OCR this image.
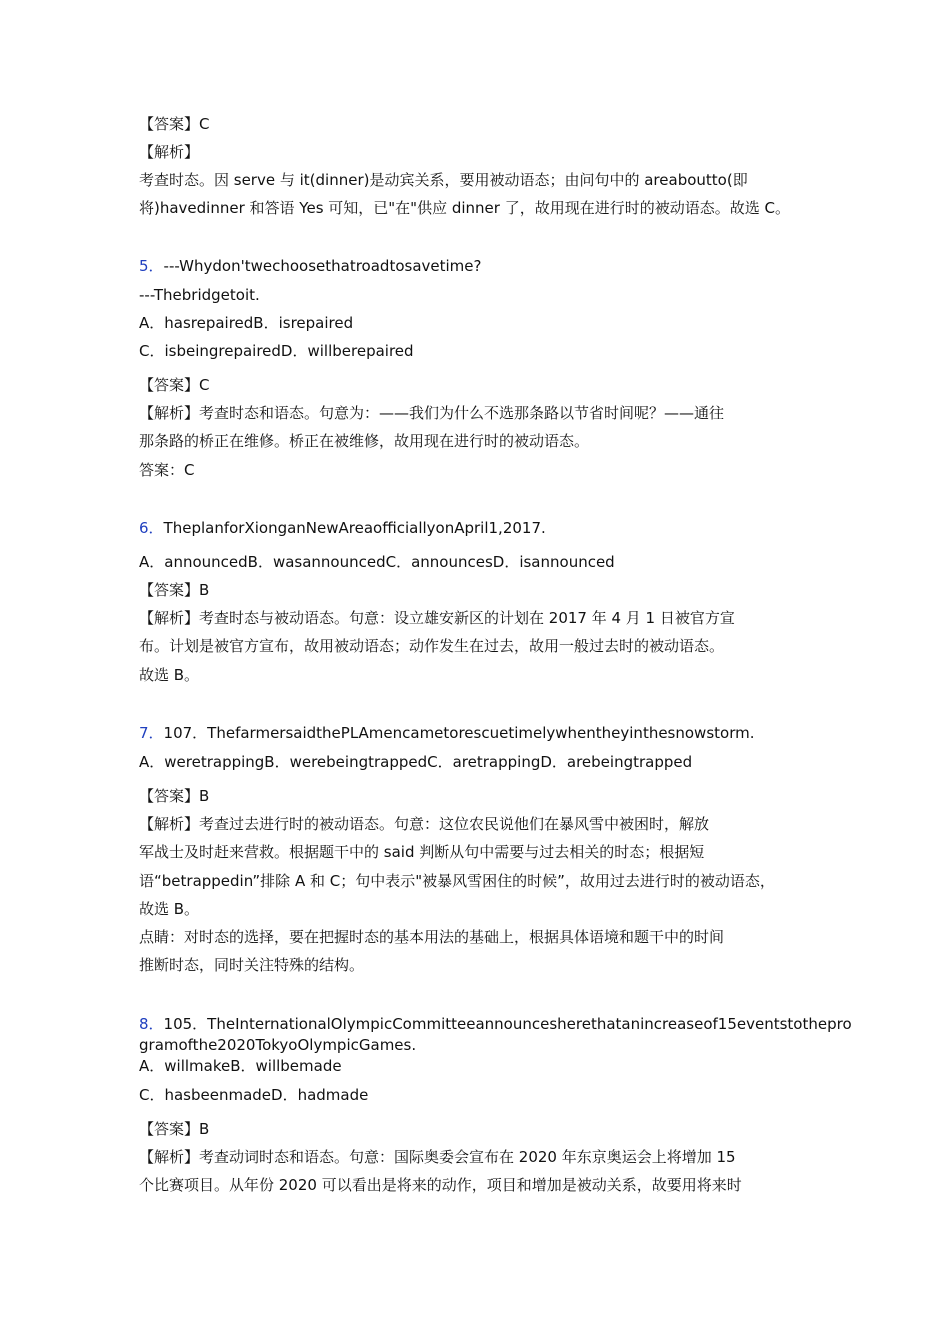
【答案】C
【解析】
考查时态。因 serve 与 it(dinner)是动宾关系，要用被动语态；由问句中的 areaboutto(即
将)havedinner 和答语 Yes 可知，已"在"供应 dinner 了，故用现在进行时的被动语态。故选 C。
5．---Whydon'twechoosethatroadtosavetime?
---Thebridgetoit.
A．hasrepairedB．isrepaired
C．isbeingrepairedD．willberepaired
【答案】C
【解析】考查时态和语态。句意为：——我们为什么不选那条路以节省时间呢？——通往
那条路的桥正在维修。桥正在被维修，故用现在进行时的被动语态。
答案：C
6．TheplanforXionganNewAreaofficiallyonApril1,2017.
A．announcedB．wasannouncedC．announcesD．isannounced
【答案】B
【解析】考查时态与被动语态。句意：设立雄安新区的计划在 2017 年 4 月 1 日被官方宣
布。计划是被官方宣布，故用被动语态；动作发生在过去，故用一般过去时的被动语态。
故选 B。
7．107．ThefarmersaidthePLAmencametorescuetimelywhentheyinthesnowstorm.
A．weretrappingB．werebeingtrappedC．aretrappingD．arebeingtrapped
【答案】B
【解析】考查过去进行时的被动语态。句意：这位农民说他们在暴风雪中被困时，解放
军战士及时赶来营救。根据题干中的 said 判断从句中需要与过去相关的时态；根据短
语“betrappedin”排除 A 和 C；句中表示"被暴风雪困住的时候”，故用过去进行时的被动语态，
故选 B。
点睛：对时态的选择，要在把握时态的基本用法的基础上，根据具体语境和题干中的时间
推断时态，同时关注特殊的结构。
8．105．TheInternationalOlympicCommitteeannouncesherethatanincreaseof15eventstothepro
gramofthe2020TokyoOlympicGames.
A．willmakeB．willbemade
C．hasbeenmadeD．hadmade
【答案】B
【解析】考查动词时态和语态。句意：国际奥委会宣布在 2020 年东京奥运会上将增加 15
个比赛项目。从年份 2020 可以看出是将来的动作，项目和增加是被动关系，故要用将来时
